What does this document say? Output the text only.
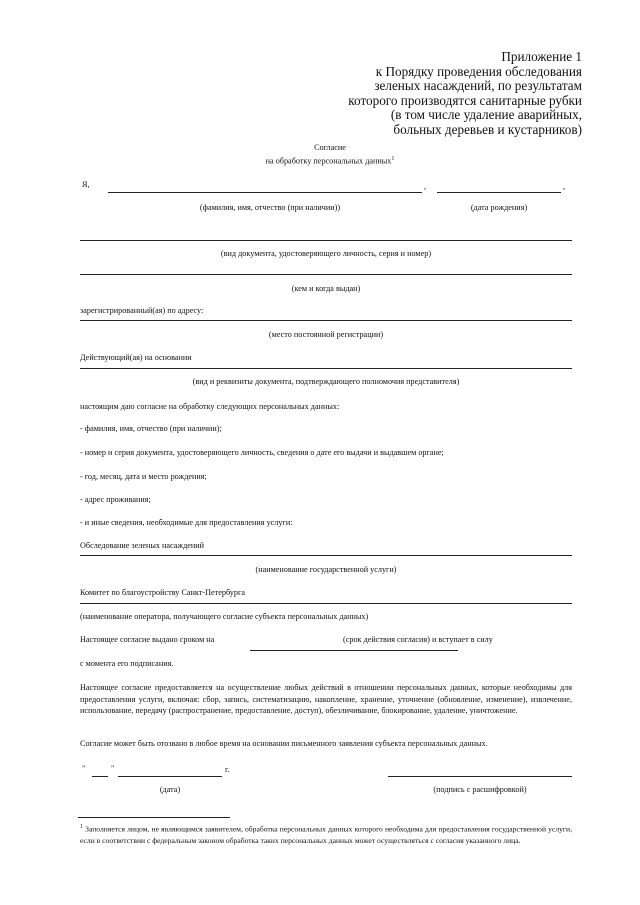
Приложение 1
к Порядку проведения обследования
зеленых насаждений, по результатам
которого производятся санитарные рубки
(в том числе удаление аварийных,
больных деревьев и кустарников)
Согласие
на обработку персональных данных$^1$
Я,	,	,
(фамилия, имя, отчество (при наличии))	(дата рождения)
(вид документа, удостоверяющего личность, серия и номер)
(кем и когда выдан)
зарегистрированный(ая) по адресу:
(место постоянной регистрации)
Действующий(ая) на основании
(вид и реквизиты документа, подтверждающего полномочия представителя)
настоящим даю согласие на обработку следующих персональных данных:
- фамилия, имя, отчество (при наличии);
- номер и серия документа, удостоверяющего личность, сведения о дате его выдачи и выдавшем органе;
- год, месяц, дата и место рождения;
- адрес проживания;
- и иные сведения, необходимые для предоставления услуги:
Обследование зеленых насаждений
(наименование государственной услуги)
Комитет по благоустройству Санкт-Петербурга
(наименование оператора, получающего согласие субъекта персональных данных)
Настоящее согласие выдано сроком на	(срок действия согласия) и вступает в силу
с момента его подписания.
Настоящее согласие предоставляется на осуществление любых действий в отношении персональных данных, которые необходимы для предоставления услуги, включая: сбор, запись, систематизацию, накопление, хранение, уточнение (обновление, изменение), извлечение, использование, передачу (распространение, предоставление, доступ), обезличивание, блокирование, удаление, уничтожение.
Согласие может быть отозвано в любое время на основании письменного заявления субъекта персональных данных.
"	"	г.
(дата)	(подпись с расшифровкой)
$^1$ Заполняется лицом, не являющимся заявителем, обработка персональных данных которого необходима для предоставления государственной услуги, если в соответствии с федеральным законом обработка таких персональных данных может осуществляться с согласия указанного лица.
